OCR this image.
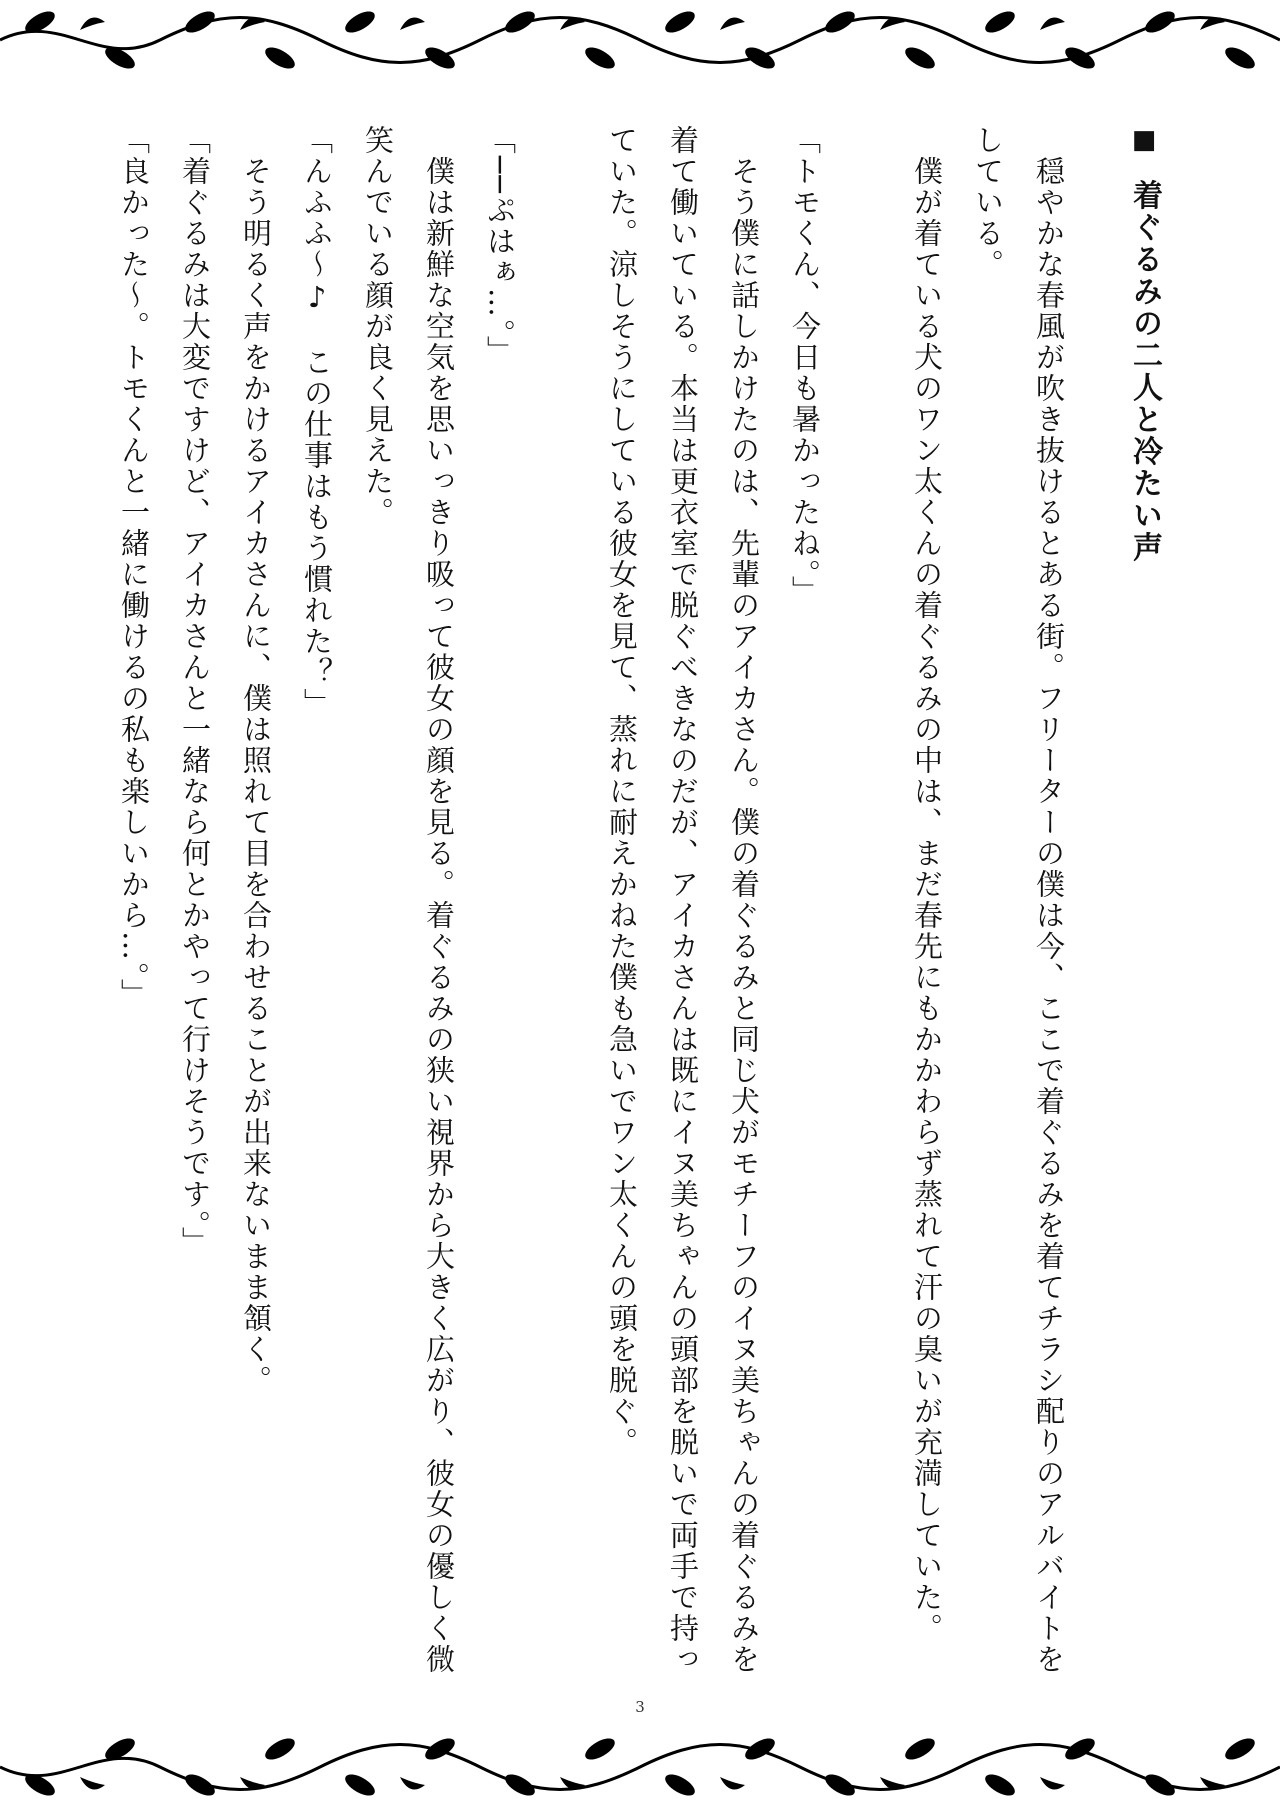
■ 着ぐるみの二人と冷たい声

　穏やかな春風が吹き抜けるとある街。フリーターの僕は今、ここで着ぐるみを着てチラシ配りのアルバイトをしている。

　僕が着ている犬のワン太くんの着ぐるみの中は、まだ春先にもかかわらず蒸れて汗の臭いが充満していた。

「トモくん、今日も暑かったね。」

　そう僕に話しかけたのは、先輩のアイカさん。僕の着ぐるみと同じ犬がモチーフのイヌ美ちゃんの着ぐるみを着て働いている。本当は更衣室で脱ぐべきなのだが、アイカさんは既にイヌ美ちゃんの頭部を脱いで両手で持っていた。涼しそうにしている彼女を見て、蒸れに耐えかねた僕も急いでワン太くんの頭を脱ぐ。

「──ぷはぁ…。」

　僕は新鮮な空気を思いっきり吸って彼女の顔を見る。着ぐるみの狭い視界から大きく広がり、彼女の優しく微笑んでいる顔が良く見えた。

「んふふ～♪　この仕事はもう慣れた？」

　そう明るく声をかけるアイカさんに、僕は照れて目を合わせることが出来ないまま頷く。

「着ぐるみは大変ですけど、アイカさんと一緒なら何とかやって行けそうです。」

「良かった～。トモくんと一緒に働けるの私も楽しいから…。」

3
